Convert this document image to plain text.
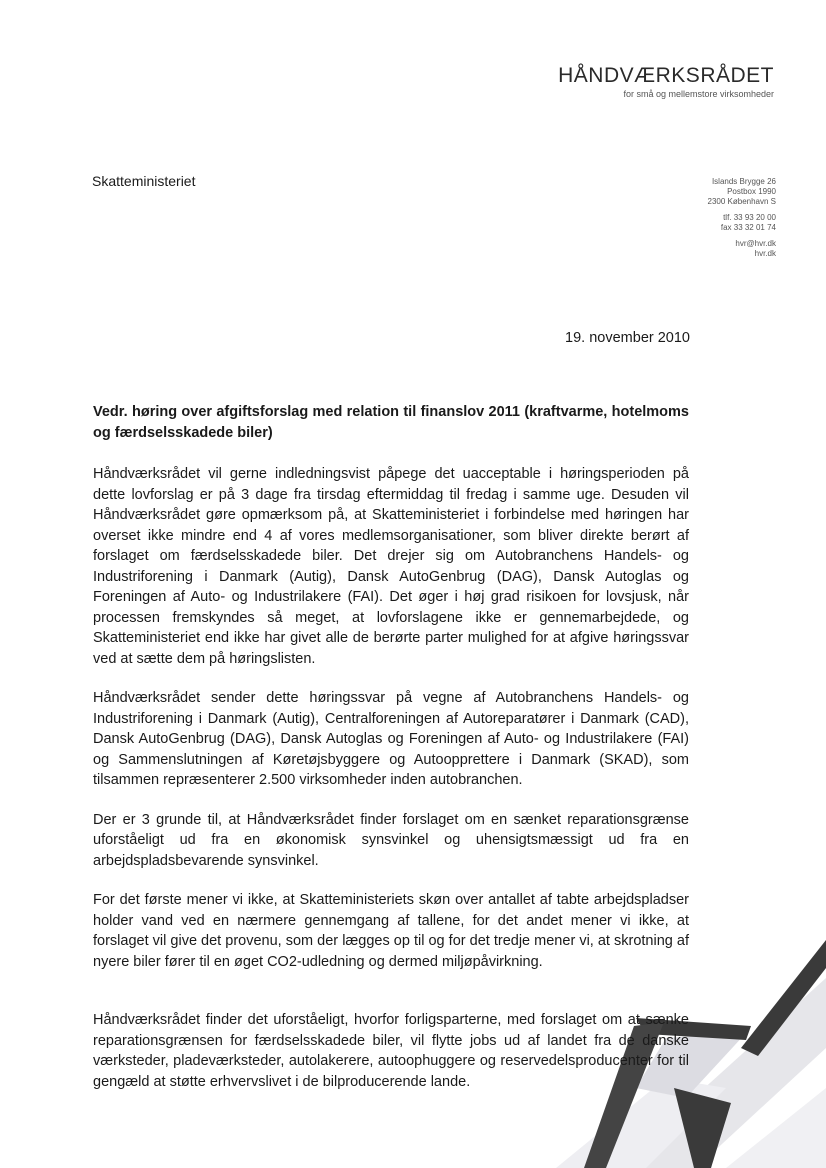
HÅNDVÆRKSRÅDET
for små og mellemstore virksomheder
Skatteministeriet	Islands Brygge 26
Postbox 1990
2300 København S
tlf. 33 93 20 00
fax 33 32 01 74
hvr@hvr.dk
hvr.dk
19. november 2010
Vedr. høring over afgiftsforslag med relation til finanslov 2011 (kraftvarme, hotelmoms og færdselsskadede biler)

Håndværksrådet vil gerne indledningsvist påpege det uacceptable i høringsperioden på dette lovforslag er på 3 dage fra tirsdag eftermiddag til fredag i samme uge. Desuden vil Håndværksrådet gøre opmærksom på, at Skatteministeriet i forbindelse med høringen har overset ikke mindre end 4 af vores medlemsorganisationer, som bliver direkte berørt af forslaget om færdselsskadede biler. Det drejer sig om Autobranchens Handels- og Industriforening i Danmark (Autig), Dansk AutoGenbrug (DAG), Dansk Autoglas og Foreningen af Auto- og Industrilakere (FAI). Det øger i høj grad risikoen for lovsjusk, når processen fremskyndes så meget, at lovforslagene ikke er gennemarbejdede, og Skatteministeriet end ikke har givet alle de berørte parter mulighed for at afgive høringssvar ved at sætte dem på høringslisten.

Håndværksrådet sender dette høringssvar på vegne af Autobranchens Handels- og Industriforening i Danmark (Autig), Centralforeningen af Autoreparatører i Danmark (CAD), Dansk AutoGenbrug (DAG), Dansk Autoglas og Foreningen af Auto- og Industrilakere (FAI) og Sammenslutningen af Køretøjsbyggere og Autoopprettere i Danmark (SKAD), som tilsammen repræsenterer 2.500 virksomheder inden autobranchen.

Der er 3 grunde til, at Håndværksrådet finder forslaget om en sænket reparationsgrænse uforståeligt ud fra en økonomisk synsvinkel og uhensigtsmæssigt ud fra en arbejdspladsbevarende synsvinkel.

For det første mener vi ikke, at Skatteministeriets skøn over antallet af tabte arbejdspladser holder vand ved en nærmere gennemgang af tallene, for det andet mener vi ikke, at forslaget vil give det provenu, som der lægges op til og for det tredje mener vi, at skrotning af nyere biler fører til en øget CO2-udledning og dermed miljøpåvirkning.

Håndværksrådet finder det uforståeligt, hvorfor forligsparterne, med forslaget om at sænke reparationsgrænsen for færdselsskadede biler, vil flytte jobs ud af landet fra de danske værksteder, pladeværksteder, autolakerere, autoophuggere og reservedelsproducenter for til gengæld at støtte erhvervslivet i de bilproducerende lande.
